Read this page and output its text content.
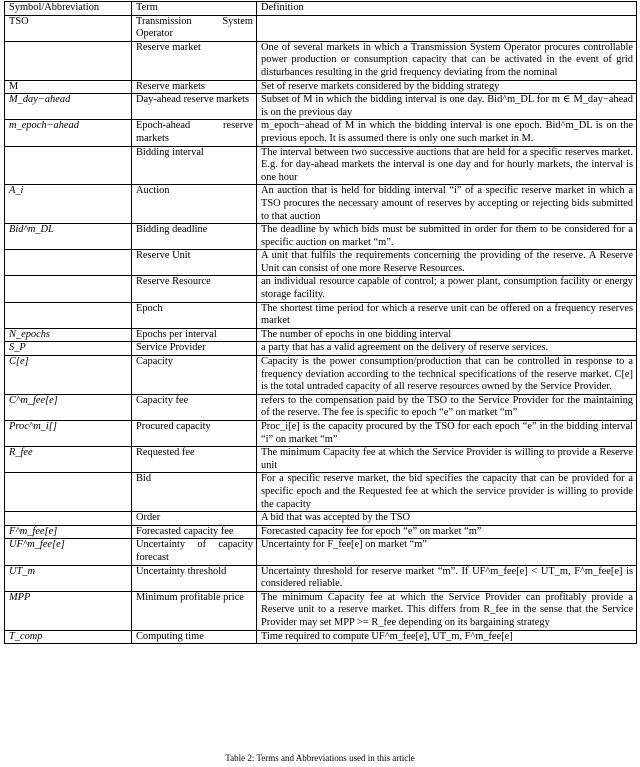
Symbol/Abbreviation	Term	Definition
TSO	Transmission System Operator	
	Reserve market	One of several markets in which a Transmission System Operator procures controllable power production or consumption capacity that can be activated in the event of grid disturbances resulting in the grid frequency deviating from the nominal
M	Reserve markets	Set of reserve markets considered by the bidding strategy
M_day−ahead	Day-ahead reserve markets	Subset of M in which the bidding interval is one day. Bid^m_DL for m ∈ M_day−ahead is on the previous day
m_epoch−ahead	Epoch-ahead reserve markets	m_epoch−ahead of M in which the bidding interval is one epoch. Bid^m_DL is on the previous epoch. It is assumed there is only one such market in M.
	Bidding interval	The interval between two successive auctions that are held for a specific reserves market. E.g. for day-ahead markets the interval is one day and for hourly markets, the interval is one hour
A_i	Auction	An auction that is held for bidding interval “i” of a specific reserve market in which a TSO procures the necessary amount of reserves by accepting or rejecting bids submitted to that auction
Bid^m_DL	Bidding deadline	The deadline by which bids must be submitted in order for them to be considered for a specific auction on market “m”.
	Reserve Unit	A unit that fulfils the requirements concerning the providing of the reserve. A Reserve Unit can consist of one more Reserve Resources.
	Reserve Resource	an individual resource capable of control; a power plant, consumption facility or energy storage facility.
	Epoch	The shortest time period for which a reserve unit can be offered on a frequency reserves market
N_epochs	Epochs per interval	The number of epochs in one bidding interval
S_P	Service Provider	a party that has a valid agreement on the delivery of reserve services.
C[e]	Capacity	Capacity is the power consumption/production that can be controlled in response to a frequency deviation according to the technical specifications of the reserve market. C[e] is the total untraded capacity of all reserve resources owned by the Service Provider.
C^m_fee[e]	Capacity fee	refers to the compensation paid by the TSO to the Service Provider for the maintaining of the reserve. The fee is specific to epoch “e” on market “m”
Proc^m_i[]	Procured capacity	Proc_i[e] is the capacity procured by the TSO for each epoch “e” in the bidding interval “i” on market “m”
R_fee	Requested fee	The minimum Capacity fee at which the Service Provider is willing to provide a Reserve unit
	Bid	For a specific reserve market, the bid specifies the capacity that can be provided for a specific epoch and the Requested fee at which the service provider is willing to provide the capacity
	Order	A bid that was accepted by the TSO
F^m_fee[e]	Forecasted capacity fee	Forecasted capacity fee for epoch “e” on market “m”
UF^m_fee[e]	Uncertainty of capacity forecast	Uncertainty for F_fee[e] on market “m”
UT_m	Uncertainty threshold	Uncertainty threshold for reserve market “m”. If UF^m_fee[e] < UT_m, F^m_fee[e] is considered reliable.
MPP	Minimum profitable price	The minimum Capacity fee at which the Service Provider can profitably provide a Reserve unit to a reserve market. This differs from R_fee in the sense that the Service Provider may set MPP >= R_fee depending on its bargaining strategy
T_comp	Computing time	Time required to compute UF^m_fee[e], UT_m, F^m_fee[e]
Table 2: Terms and Abbreviations used in this article
